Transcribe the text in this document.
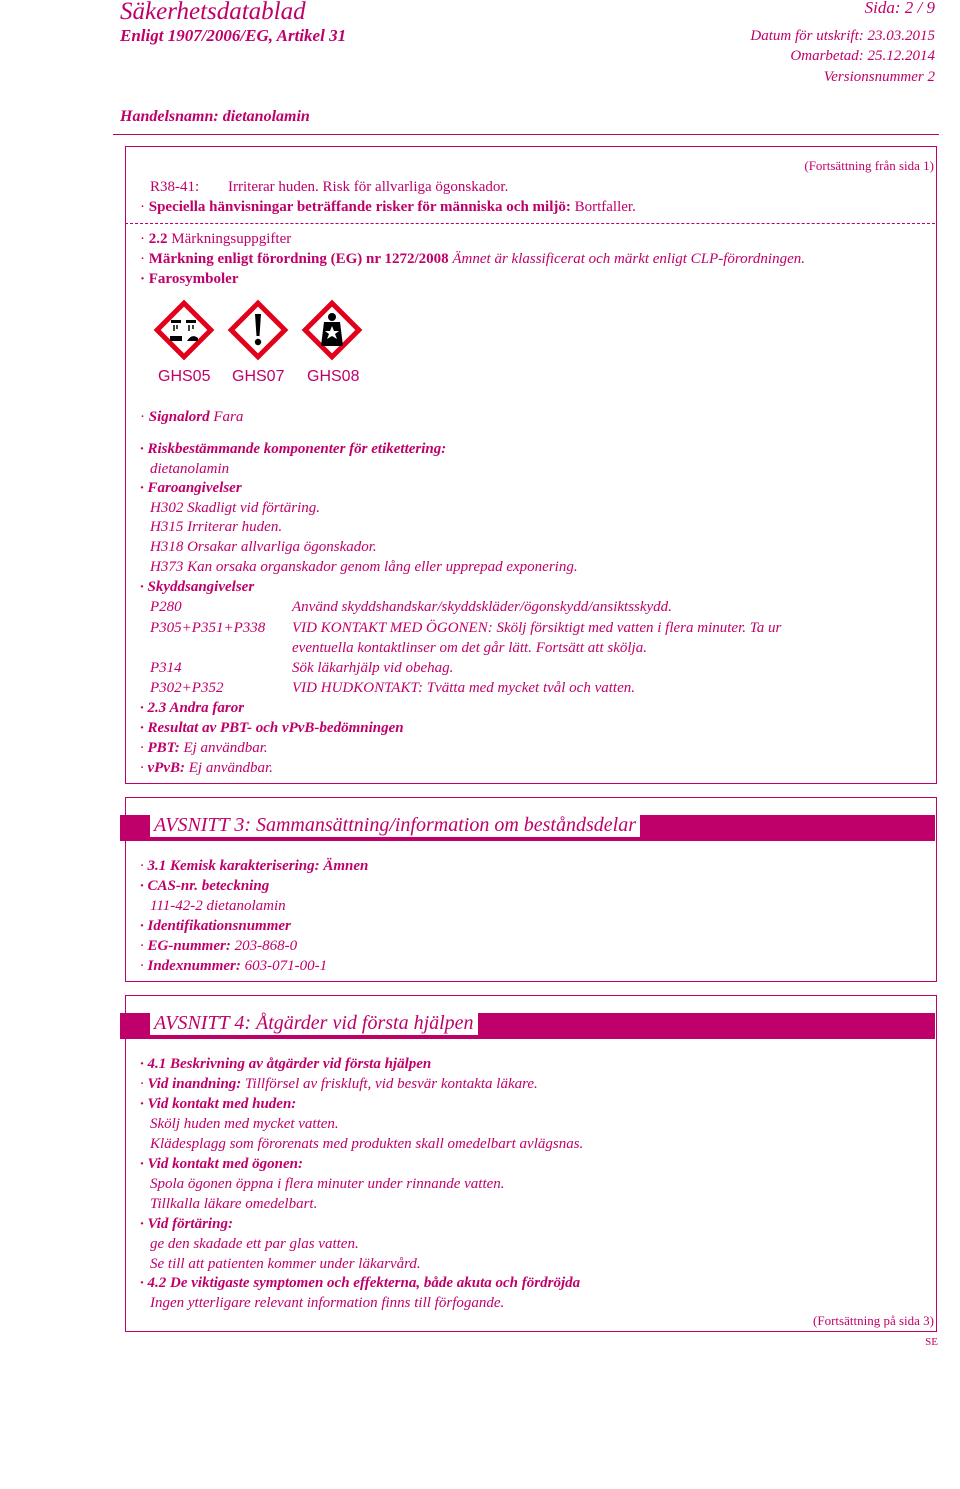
Säkerhetsdatablad
Enligt 1907/2006/EG, Artikel 31
Sida: 2 / 9
Datum för utskrift: 23.03.2015
Omarbetad: 25.12.2014
Versionsnummer 2
Handelsnamn: dietanolamin
(Fortsättning från sida 1)
R38-41: Irriterar huden. Risk för allvarliga ögonskador.
· Speciella hänvisningar beträffande risker för människa och miljö: Bortfaller.
· 2.2 Märkningsuppgifter
· Märkning enligt förordning (EG) nr 1272/2008 Ämnet är klassificerat och märkt enligt CLP-förordningen.
· Farosymboler
GHS05 GHS07 GHS08
· Signalord Fara
· Riskbestämmande komponenter för etikettering:
dietanolamin
· Faroangivelser
H302 Skadligt vid förtäring.
H315 Irriterar huden.
H318 Orsakar allvarliga ögonskador.
H373 Kan orsaka organskador genom lång eller upprepad exponering.
· Skyddsangivelser
P280	Använd skyddshandskar/skyddskläder/ögonskydd/ansiktsskydd.
P305+P351+P338 VID KONTAKT MED ÖGONEN: Skölj försiktigt med vatten i flera minuter. Ta ur
eventuella kontaktlinser om det går lätt. Fortsätt att skölja.
P314	Sök läkarhjälp vid obehag.
P302+P352	VID HUDKONTAKT: Tvätta med mycket tvål och vatten.
· 2.3 Andra faror
· Resultat av PBT- och vPvB-bedömningen
· PBT: Ej användbar.
· vPvB: Ej användbar.
AVSNITT 3: Sammansättning/information om beståndsdelar
· 3.1 Kemisk karakterisering: Ämnen
· CAS-nr. beteckning
111-42-2 dietanolamin
· Identifikationsnummer
· EG-nummer: 203-868-0
· Indexnummer: 603-071-00-1
AVSNITT 4: Åtgärder vid första hjälpen
· 4.1 Beskrivning av åtgärder vid första hjälpen
· Vid inandning: Tillförsel av friskluft, vid besvär kontakta läkare.
· Vid kontakt med huden:
Skölj huden med mycket vatten.
Klädesplagg som förorenats med produkten skall omedelbart avlägsnas.
· Vid kontakt med ögonen:
Spola ögonen öppna i flera minuter under rinnande vatten.
Tillkalla läkare omedelbart.
· Vid förtäring:
ge den skadade ett par glas vatten.
Se till att patienten kommer under läkarvård.
· 4.2 De viktigaste symptomen och effekterna, både akuta och fördröjda
Ingen ytterligare relevant information finns till förfogande.
(Fortsättning på sida 3)
SE
